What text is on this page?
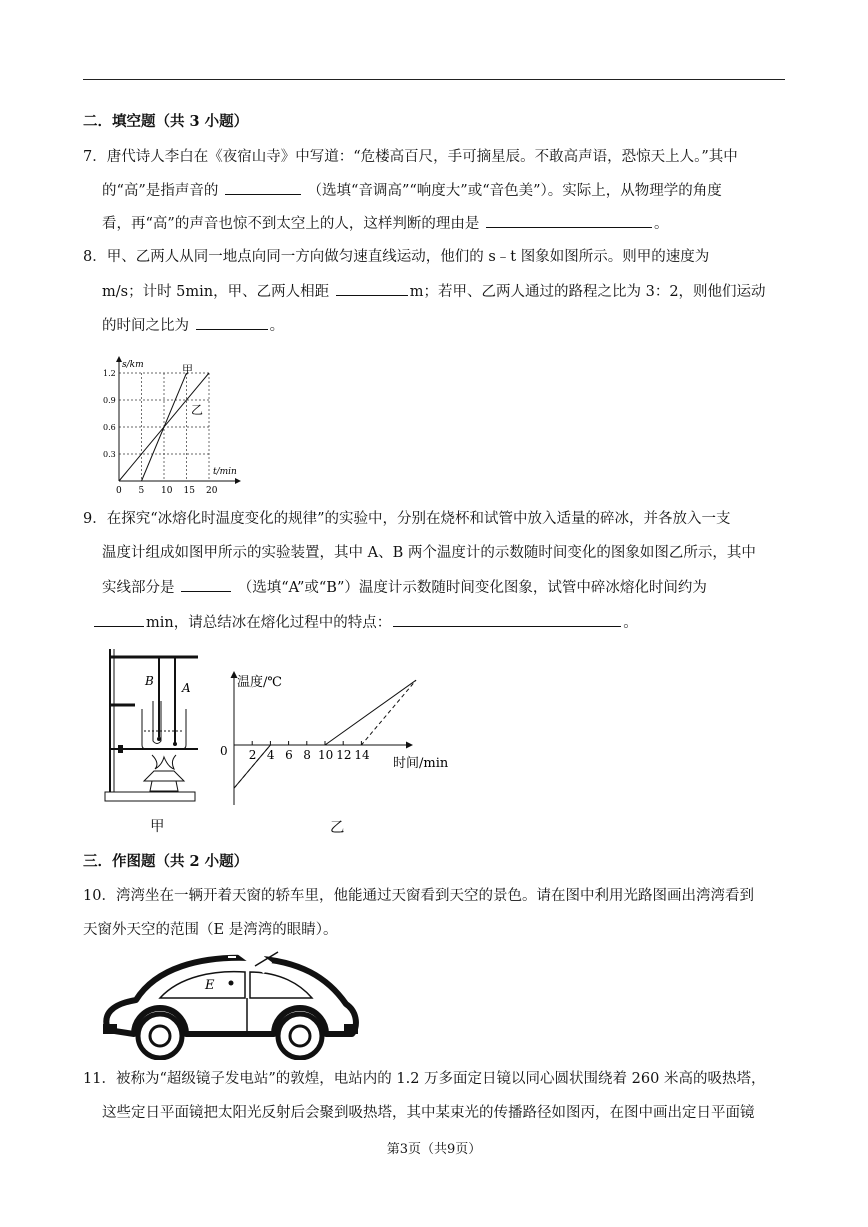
二．填空题（共 3 小题）
7．唐代诗人李白在《夜宿山寺》中写道：“危楼高百尺，手可摘星辰。不敢高声语，恐惊天上人。”其中
的“高”是指声音的	（选填“音调高”“响度大”或“音色美”）。实际上，从物理学的角度
看，再“高”的声音也惊不到太空上的人，这样判断的理由是	。
8．甲、乙两人从同一地点向同一方向做匀速直线运动，他们的 s﹣t 图象如图所示。则甲的速度为
m/s；计时 5min，甲、乙两人相距	m；若甲、乙两人通过的路程之比为 3：2，则他们运动
的时间之比为	。
0 5 10 15 20
0.3
0.6
0.9
1.2
s/km
t/min
甲
乙
9．在探究“冰熔化时温度变化的规律”的实验中，分别在烧杯和试管中放入适量的碎冰，并各放入一支
温度计组成如图甲所示的实验装置，其中 A、B 两个温度计的示数随时间变化的图象如图乙所示，其中
实线部分是	（选填“A”或“B”）温度计示数随时间变化图象，试管中碎冰熔化时间约为
min，请总结冰在熔化过程中的特点：	。
B A
甲
2 4 6 8 10 12 14
0
温度/℃
时间/min
乙
三．作图题（共 2 小题）
10．湾湾坐在一辆开着天窗的轿车里，他能通过天窗看到天空的景色。请在图中利用光路图画出湾湾看到
天窗外天空的范围（E 是湾湾的眼睛）。
E
11．被称为“超级镜子发电站”的敦煌，电站内的 1.2 万多面定日镜以同心圆状围绕着 260 米高的吸热塔，
这些定日平面镜把太阳光反射后会聚到吸热塔，其中某束光的传播路径如图丙，在图中画出定日平面镜
第3页（共9页）
